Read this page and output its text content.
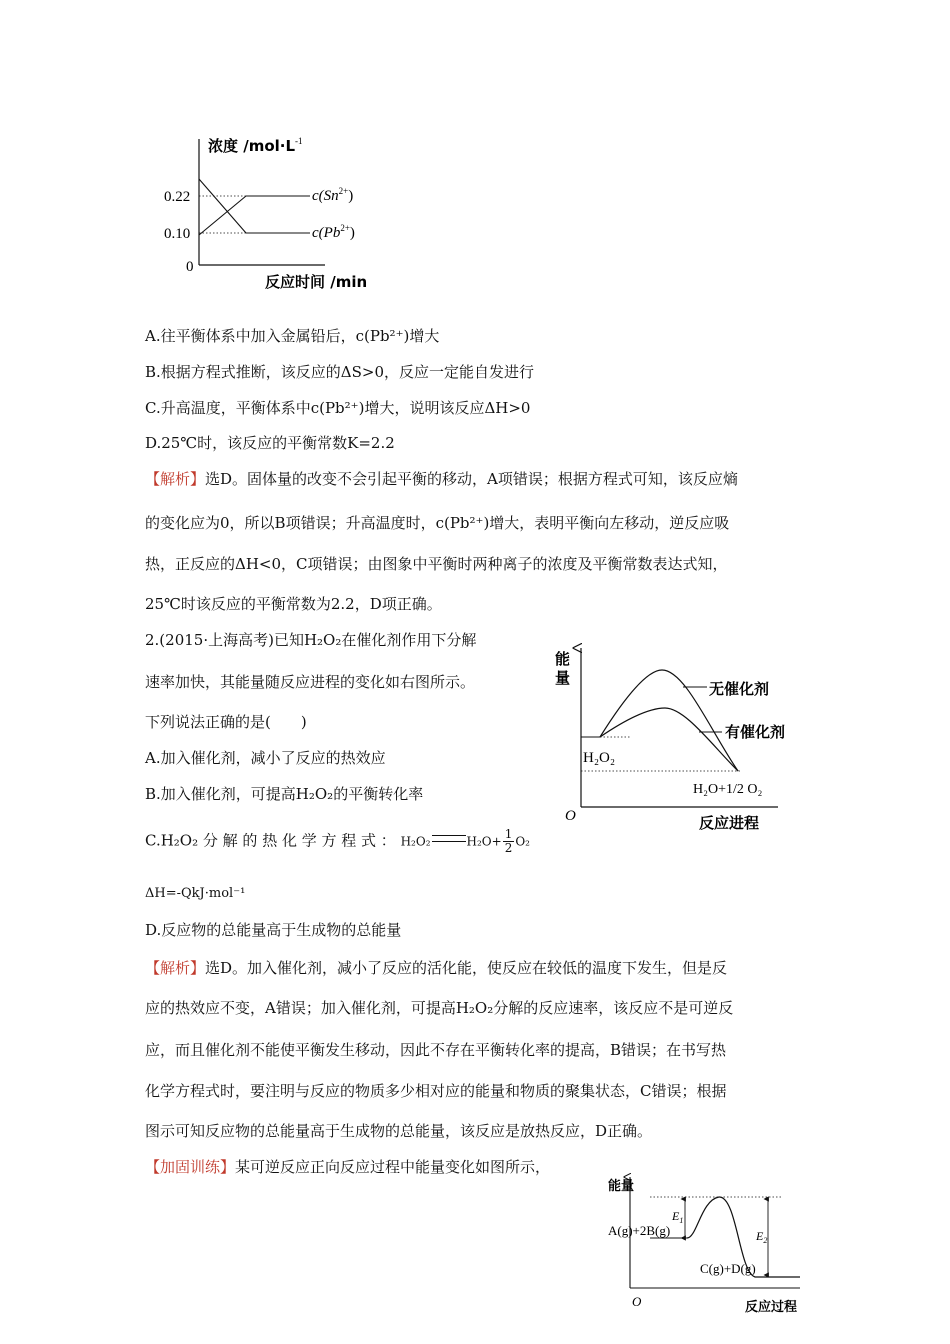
浓度 $/mol\cdot L^{-1}$
0.22
0.10
0
$c(Sn^{2+})$
$c(Pb^{2+})$
反应时间 /min
A.往平衡体系中加入金属铅后，c(Pb²⁺)增大
B.根据方程式推断，该反应的ΔS>0，反应一定能自发进行
C.升高温度，平衡体系中c(Pb²⁺)增大，说明该反应ΔH>0
D.25℃时，该反应的平衡常数K=2.2
【解析】选D。固体量的改变不会引起平衡的移动，A项错误；根据方程式可知，该反应熵
的变化应为0，所以B项错误；升高温度时，c(Pb²⁺)增大，表明平衡向左移动，逆反应吸
热，正反应的ΔH<0，C项错误；由图象中平衡时两种离子的浓度及平衡常数表达式知，
25℃时该反应的平衡常数为2.2，D项正确。
2.(2015·上海高考)已知H₂O₂在催化剂作用下分解
速率加快，其能量随反应进程的变化如右图所示。
下列说法正确的是(　　)
A.加入催化剂，减小了反应的热效应
B.加入催化剂，可提高H₂O₂的平衡转化率
C.H₂O₂ 分 解 的 热 化 学 方 程 式 ： H₂O₂	$H_2O+ \frac{1}{2} O_2$
ΔH=-QkJ·mol⁻¹
D.反应物的总能量高于生成物的总能量
能
量
无催化剂
有催化剂
H₂O₂
H₂O+1/2 O₂
O	反应进程
【解析】选D。加入催化剂，减小了反应的活化能，使反应在较低的温度下发生，但是反
应的热效应不变，A错误；加入催化剂，可提高H₂O₂分解的反应速率，该反应不是可逆反
应，而且催化剂不能使平衡发生移动，因此不存在平衡转化率的提高，B错误；在书写热
化学方程式时，要注明与反应的物质多少相对应的能量和物质的聚集状态，C错误；根据
图示可知反应物的总能量高于生成物的总能量，该反应是放热反应，D正确。
【加固训练】某可逆反应正向反应过程中能量变化如图所示，
能量
A(g)+2B(g)
C(g)+D(g)
$E_1$
$E_2$
O	反应过程
